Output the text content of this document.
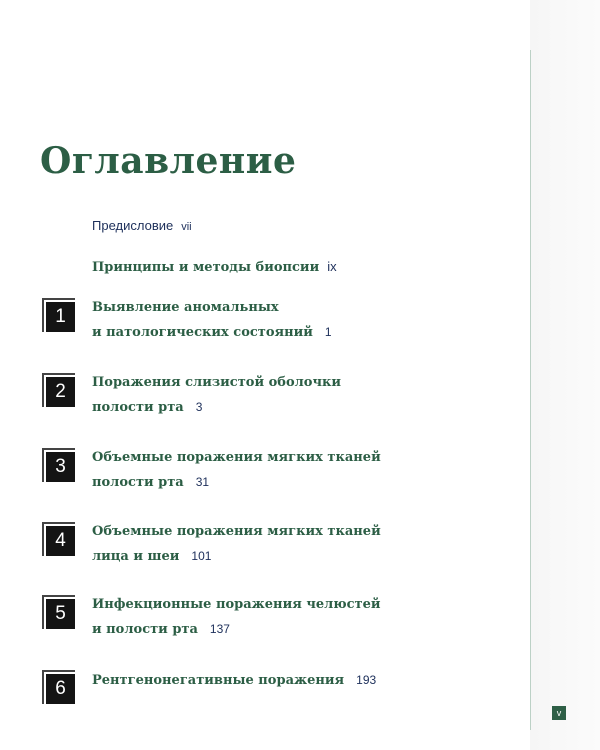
Оглавление
Предисловие vii
Принципы и методы биопсии ix
1	Выявление аномальных
и патологических состояний 1
2	Поражения слизистой оболочки
полости рта 3
3	Объемные поражения мягких тканей
полости рта 31
4	Объемные поражения мягких тканей
лица и шеи 101
5	Инфекционные поражения челюстей
и полости рта 137
6	Рентгенонегативные поражения 193
v
